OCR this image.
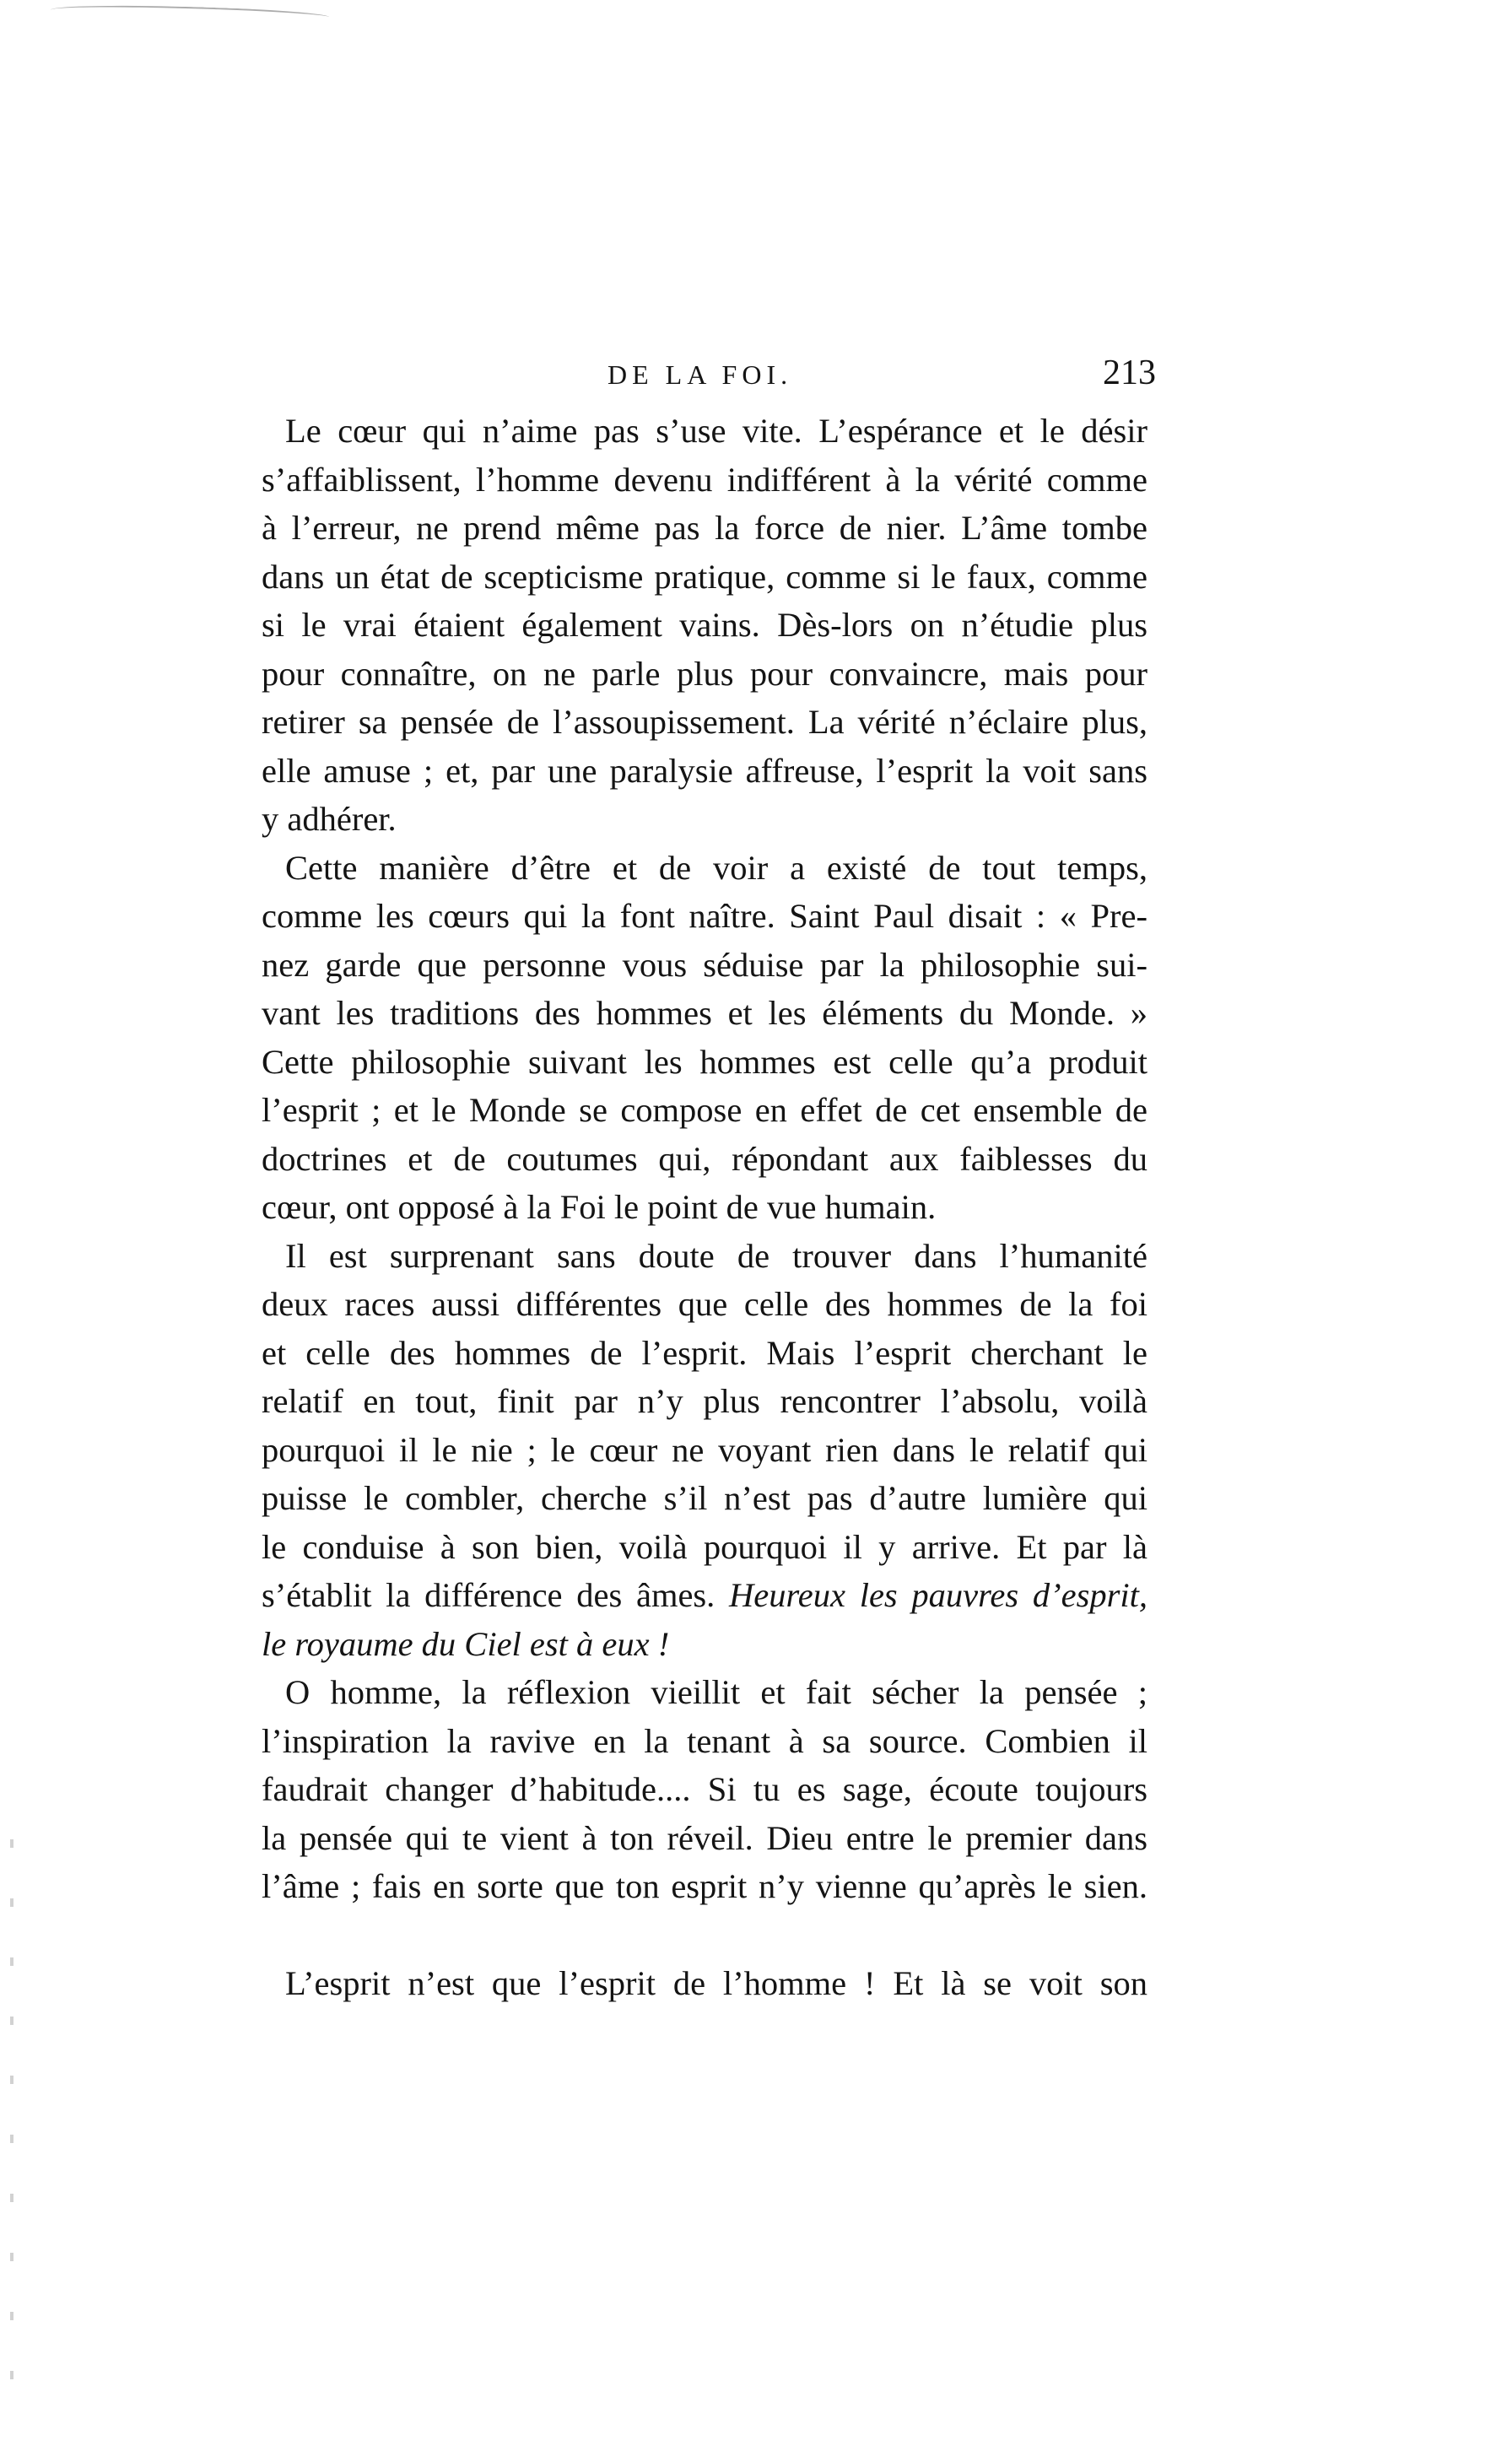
DE LA FOI.	213

Le cœur qui n’aime pas s’use vite. L’espérance et le désir
s’affaiblissent, l’homme devenu indifférent à la vérité comme
à l’erreur, ne prend même pas la force de nier. L’âme tombe
dans un état de scepticisme pratique, comme si le faux, comme
si le vrai étaient également vains. Dès-lors on n’étudie plus
pour connaître, on ne parle plus pour convaincre, mais pour
retirer sa pensée de l’assoupissement. La vérité n’éclaire plus,
elle amuse ; et, par une paralysie affreuse, l’esprit la voit sans
y adhérer.

Cette manière d’être et de voir a existé de tout temps,
comme les cœurs qui la font naître. Saint Paul disait : « Pre-
nez garde que personne vous séduise par la philosophie sui-
vant les traditions des hommes et les éléments du Monde. »
Cette philosophie suivant les hommes est celle qu’a produit
l’esprit ; et le Monde se compose en effet de cet ensemble de
doctrines et de coutumes qui, répondant aux faiblesses du
cœur, ont opposé à la Foi le point de vue humain.

Il est surprenant sans doute de trouver dans l’humanité
deux races aussi différentes que celle des hommes de la foi
et celle des hommes de l’esprit. Mais l’esprit cherchant le
relatif en tout, finit par n’y plus rencontrer l’absolu, voilà
pourquoi il le nie ; le cœur ne voyant rien dans le relatif qui
puisse le combler, cherche s’il n’est pas d’autre lumière qui
le conduise à son bien, voilà pourquoi il y arrive. Et par là
s’établit la différence des âmes. Heureux les pauvres d’esprit,
le royaume du Ciel est à eux !

O homme, la réflexion vieillit et fait sécher la pensée ;
l’inspiration la ravive en la tenant à sa source. Combien il
faudrait changer d’habitude.... Si tu es sage, écoute toujours
la pensée qui te vient à ton réveil. Dieu entre le premier dans
l’âme ; fais en sorte que ton esprit n’y vienne qu’après le sien.

L’esprit n’est que l’esprit de l’homme ! Et là se voit son
